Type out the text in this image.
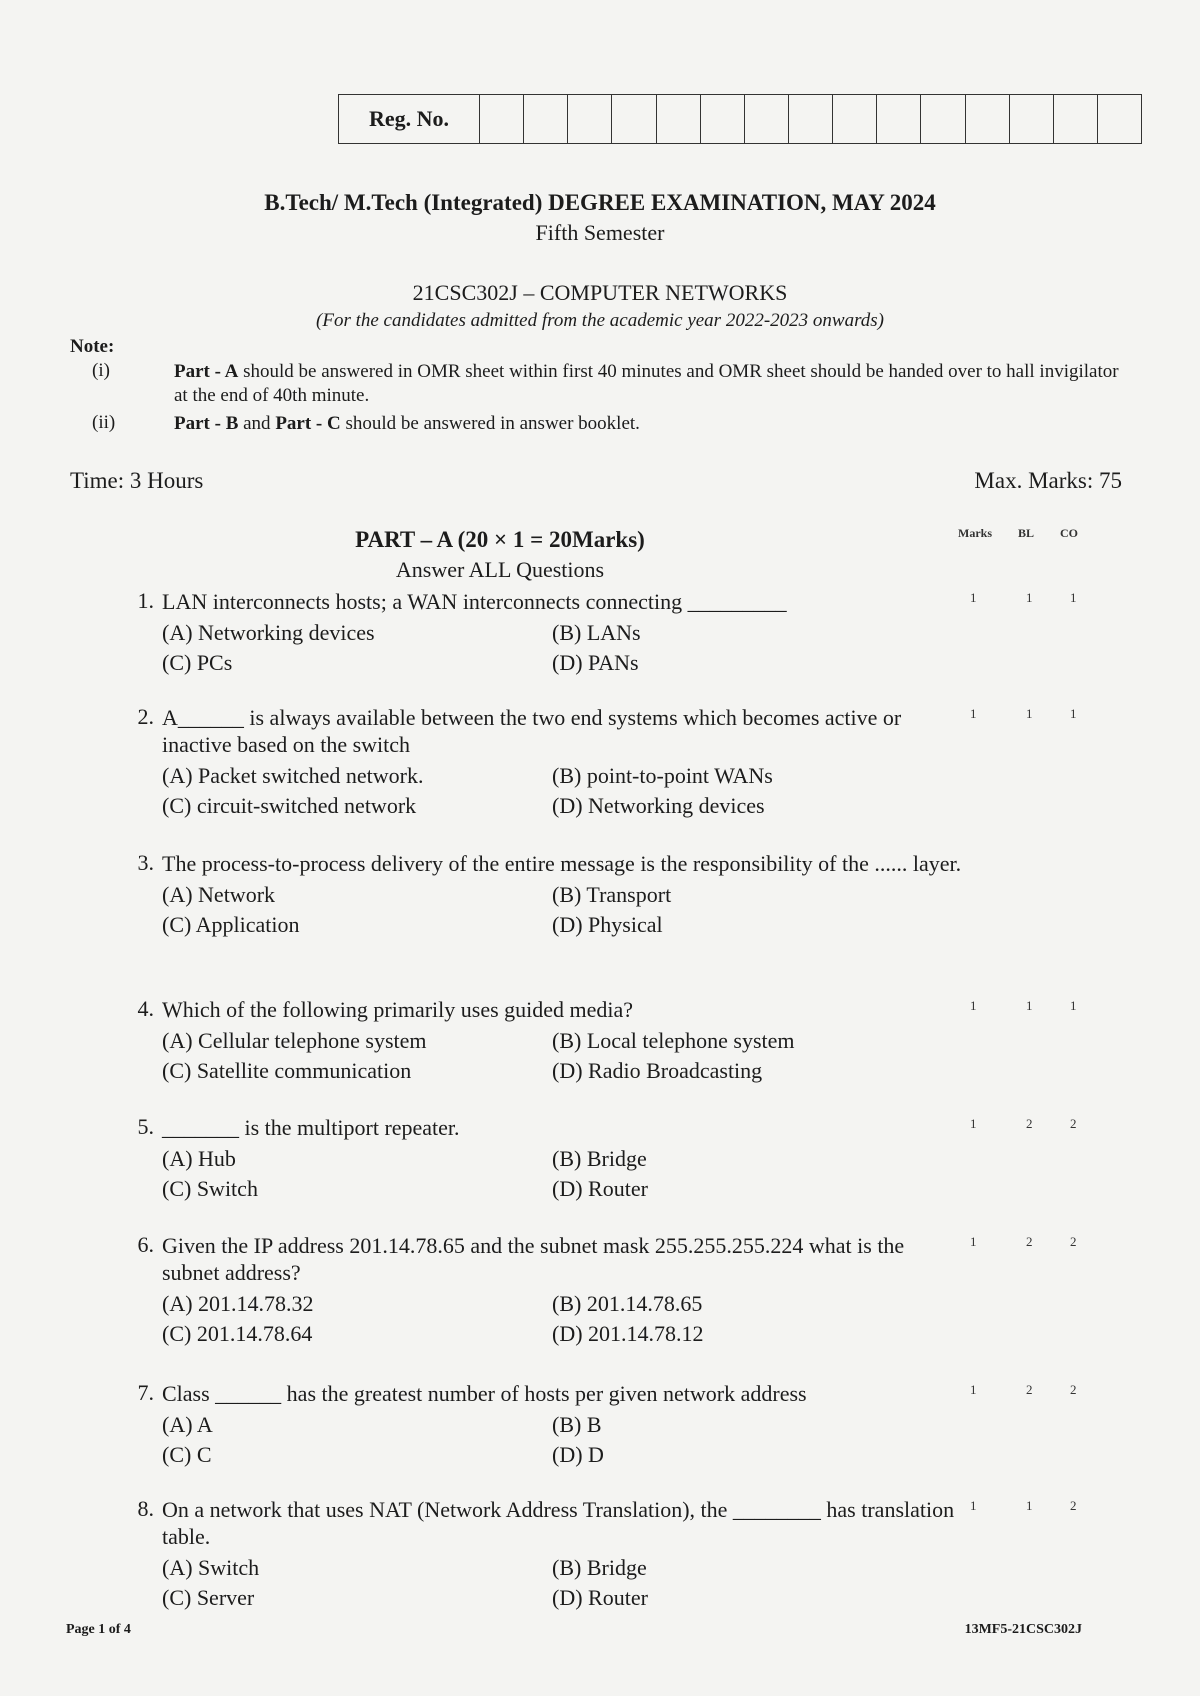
Reg. No.
B.Tech/ M.Tech (Integrated) DEGREE EXAMINATION, MAY 2024
Fifth Semester
21CSC302J – COMPUTER NETWORKS
(For the candidates admitted from the academic year 2022-2023 onwards)
Note:
(i)	Part - A should be answered in OMR sheet within first 40 minutes and OMR sheet should be handed over to hall invigilator at the end of 40th minute.
(ii)	Part - B and Part - C should be answered in answer booklet.
Time: 3 Hours	Max. Marks: 75
PART – A (20 × 1 = 20Marks)
Answer ALL Questions
Marks BL CO
1. LAN interconnects hosts; a WAN interconnects connecting _________	1	1	1
(A) Networking devices	(B) LANs
(C) PCs	(D) PANs
2. A______ is always available between the two end systems which becomes active or inactive based on the switch
1	1	1
(A) Packet switched network.	(B) point-to-point WANs
(C) circuit-switched network	(D) Networking devices
3. The process-to-process delivery of the entire message is the responsibility of the ...... layer.
(A) Network	(B) Transport
(C) Application	(D) Physical
4. Which of the following primarily uses guided media?	1	1	1
(A) Cellular telephone system	(B) Local telephone system
(C) Satellite communication	(D) Radio Broadcasting
5. _______ is the multiport repeater.	1	2	2
(A) Hub	(B) Bridge
(C) Switch	(D) Router
6. Given the IP address 201.14.78.65 and the subnet mask 255.255.255.224 what is the subnet address?
1	2	2
(A) 201.14.78.32	(B) 201.14.78.65
(C) 201.14.78.64	(D) 201.14.78.12
7. Class ______ has the greatest number of hosts per given network address	1	2	2
(A) A	(B) B
(C) C	(D) D
8. On a network that uses NAT (Network Address Translation), the ________ has translation table.
1	1	2
(A) Switch	(B) Bridge
(C) Server	(D) Router
Page 1 of 4	13MF5-21CSC302J
